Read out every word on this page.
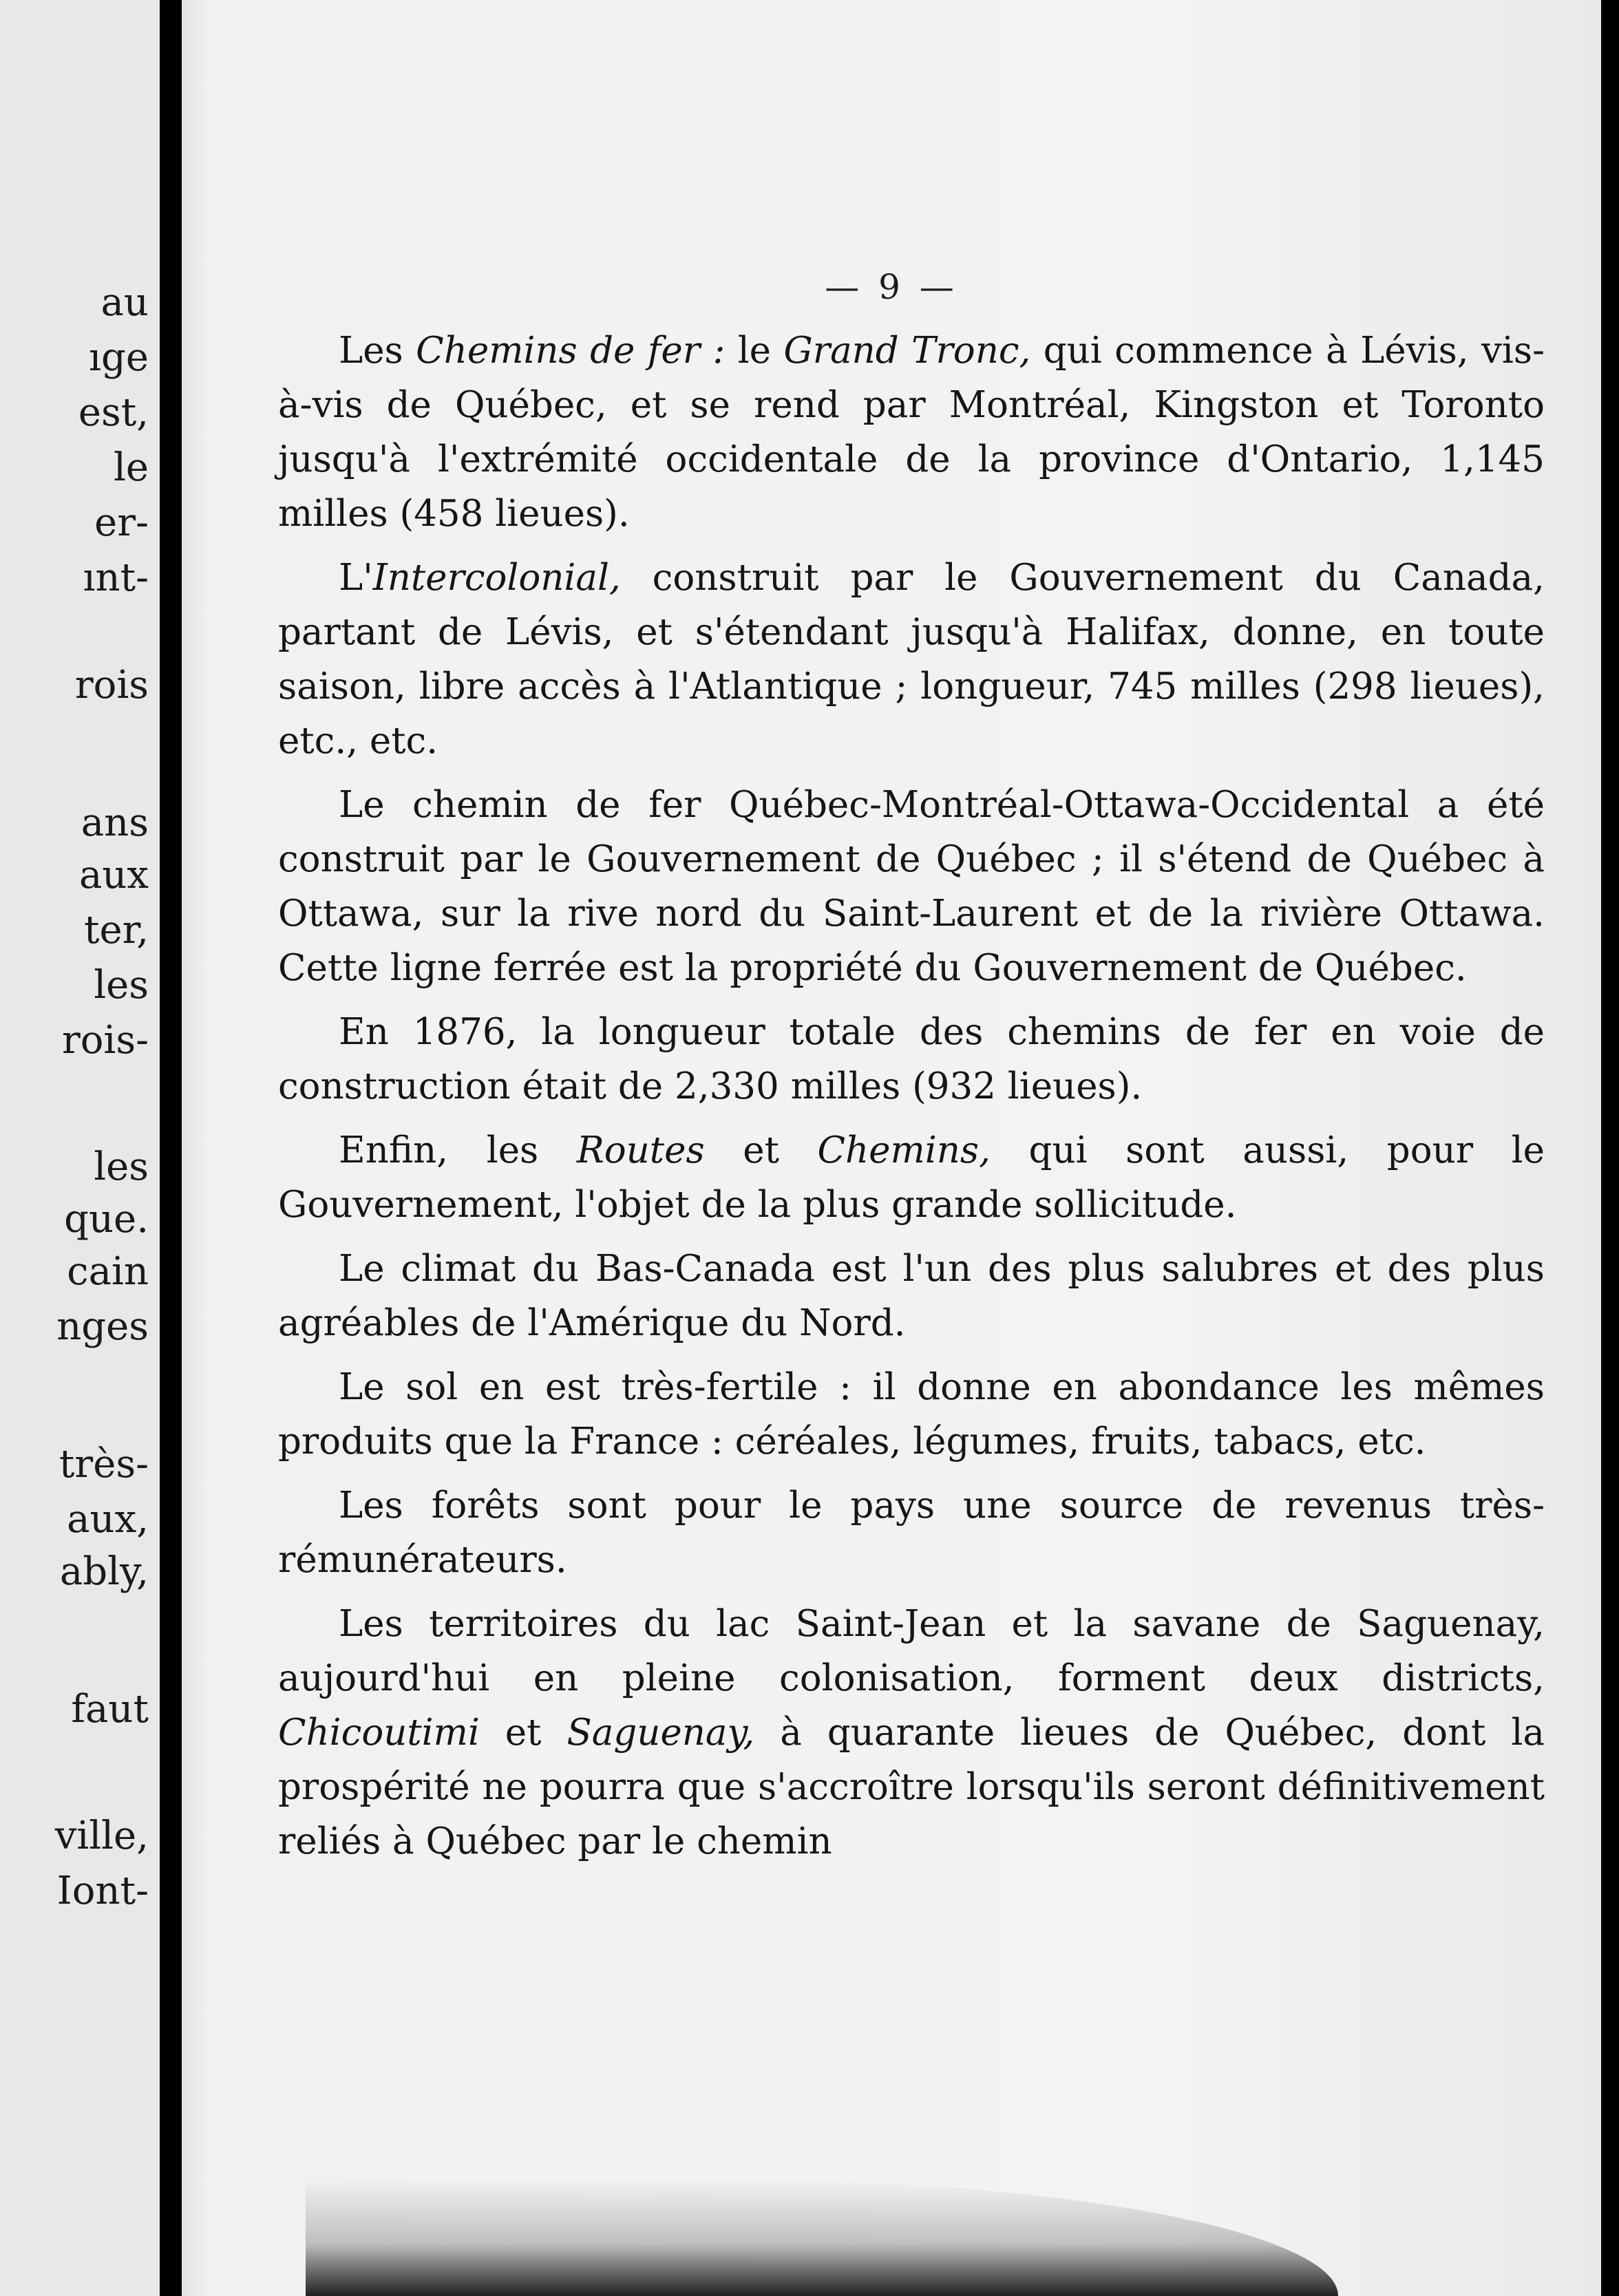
au
ıge
est,
le
er-
ınt-
rois
ans
aux
ter,
les
rois-
les
que.
cain
nges
très-
aux,
ably,
faut
ville,
Iont-
— 9 —

Les Chemins de fer : le Grand Tronc, qui commence à Lévis, vis-à-vis de Québec, et se rend par Montréal, Kingston et Toronto jusqu'à l'extrémité occidentale de la province d'Ontario, 1,145 milles (458 lieues).

L'Intercolonial, construit par le Gouvernement du Canada, partant de Lévis, et s'étendant jusqu'à Halifax, donne, en toute saison, libre accès à l'Atlantique ; longueur, 745 milles (298 lieues), etc., etc.

Le chemin de fer Québec-Montréal-Ottawa-Occidental a été construit par le Gouvernement de Québec ; il s'étend de Québec à Ottawa, sur la rive nord du Saint-Laurent et de la rivière Ottawa. Cette ligne ferrée est la propriété du Gouvernement de Québec.

En 1876, la longueur totale des chemins de fer en voie de construction était de 2,330 milles (932 lieues).

Enfin, les Routes et Chemins, qui sont aussi, pour le Gouvernement, l'objet de la plus grande sollicitude.

Le climat du Bas-Canada est l'un des plus salubres et des plus agréables de l'Amérique du Nord.

Le sol en est très-fertile : il donne en abondance les mêmes produits que la France : céréales, légumes, fruits, tabacs, etc.

Les forêts sont pour le pays une source de revenus très-rémunérateurs.

Les territoires du lac Saint-Jean et la savane de Saguenay, aujourd'hui en pleine colonisation, forment deux districts, Chicoutimi et Saguenay, à quarante lieues de Québec, dont la prospérité ne pourra que s'accroître lorsqu'ils seront définitivement reliés à Québec par le chemin
